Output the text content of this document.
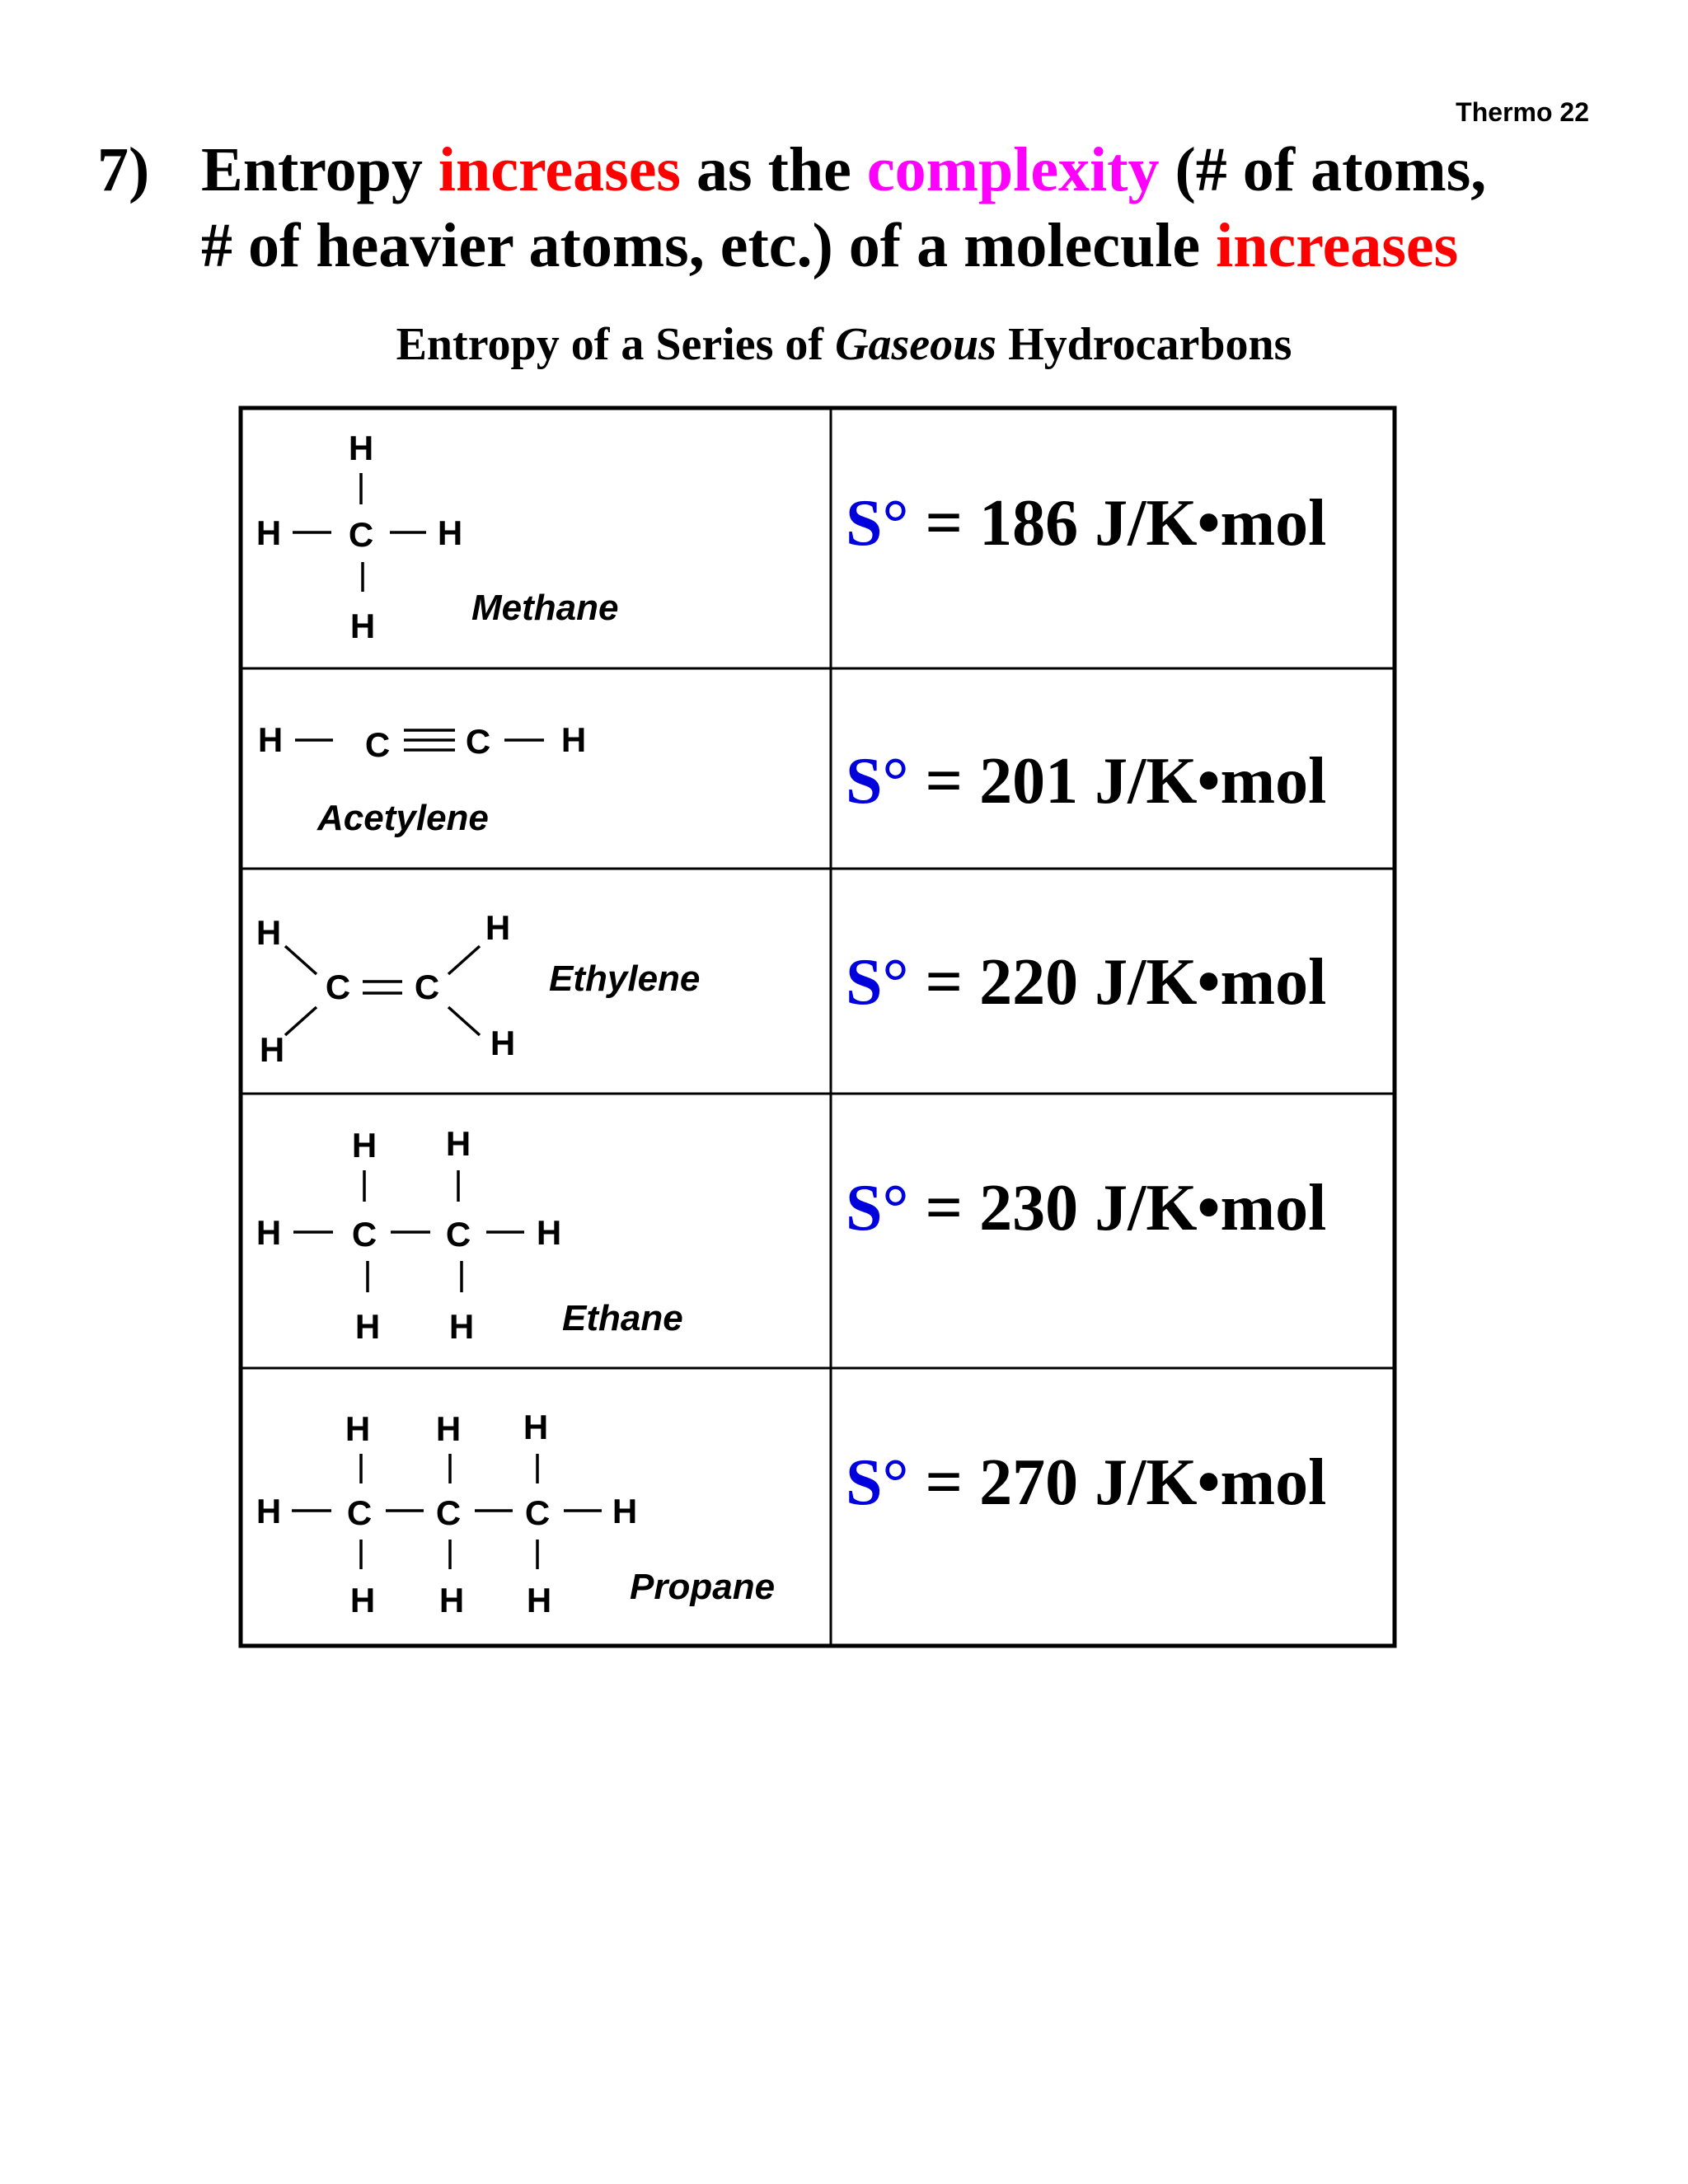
Thermo 22
7) Entropy increases as the complexity (# of atoms,
# of heavier atoms, etc.) of a molecule increases
Entropy of a Series of Gaseous Hydrocarbons
H
H C H
H	Methane
H C C H
Acetylene
H
C C
H
H	H
Ethylene
H H
H C C H
H H Ethane
H H H
H C C C H
H H H Propane
S° = 186 J/K•mol
S° = 201 J/K•mol
S° = 220 J/K•mol
S° = 230 J/K•mol
S° = 270 J/K•mol
